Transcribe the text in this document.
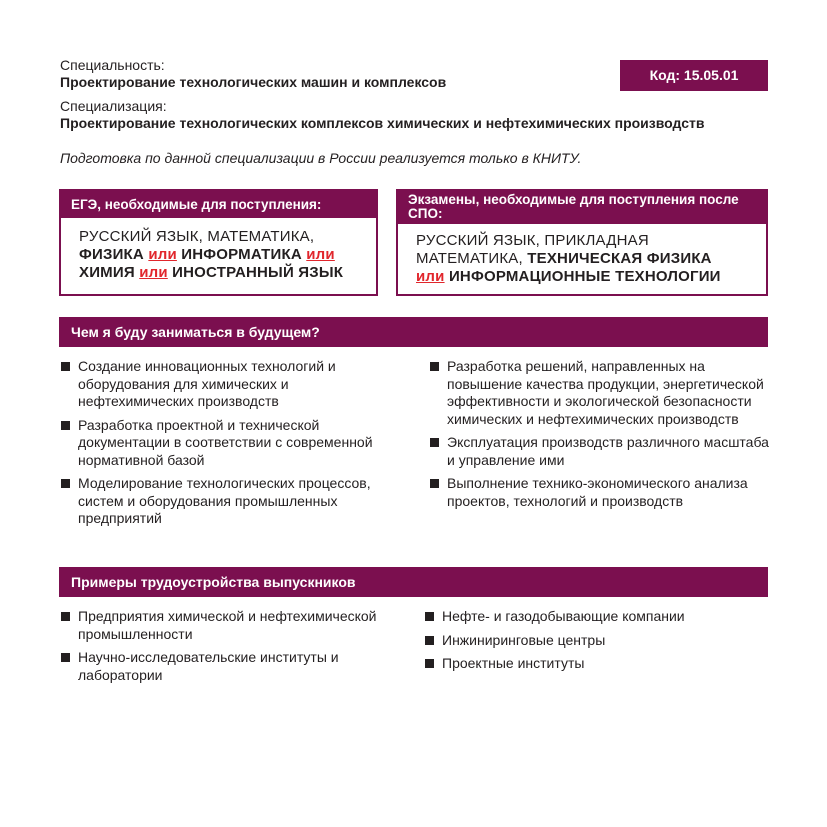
Специальность:
Проектирование технологических машин и комплексов	Код: 15.05.01
Специализация:
Проектирование технологических комплексов химических и нефтехимических производств
Подготовка по данной специализации в России реализуется только в КНИТУ.
ЕГЭ, необходимые для поступления:
РУССКИЙ ЯЗЫК, МАТЕМАТИКА,
ФИЗИКА или ИНФОРМАТИКА или
ХИМИЯ или ИНОСТРАННЫЙ ЯЗЫК
Экзамены, необходимые для поступления после СПО:
РУССКИЙ ЯЗЫК, ПРИКЛАДНАЯ
МАТЕМАТИКА, ТЕХНИЧЕСКАЯ ФИЗИКА
или ИНФОРМАЦИОННЫЕ ТЕХНОЛОГИИ
Чем я буду заниматься в будущем?
Создание инновационных технологий и оборудования для химических и нефтехимических производств
Разработка проектной и технической документации в соответствии с современной нормативной базой
Моделирование технологических процессов, систем и оборудования промышленных предприятий
Разработка решений, направленных на повышение качества продукции, энергетической эффективности и экологической безопасности химических и нефтехимических производств
Эксплуатация производств различного масштаба и управление ими
Выполнение технико-экономического анализа проектов, технологий и производств
Примеры трудоустройства выпускников
Предприятия химической и нефтехимической промышленности
Научно-исследовательские институты и лаборатории
Нефте- и газодобывающие компании
Инжиниринговые центры
Проектные институты
